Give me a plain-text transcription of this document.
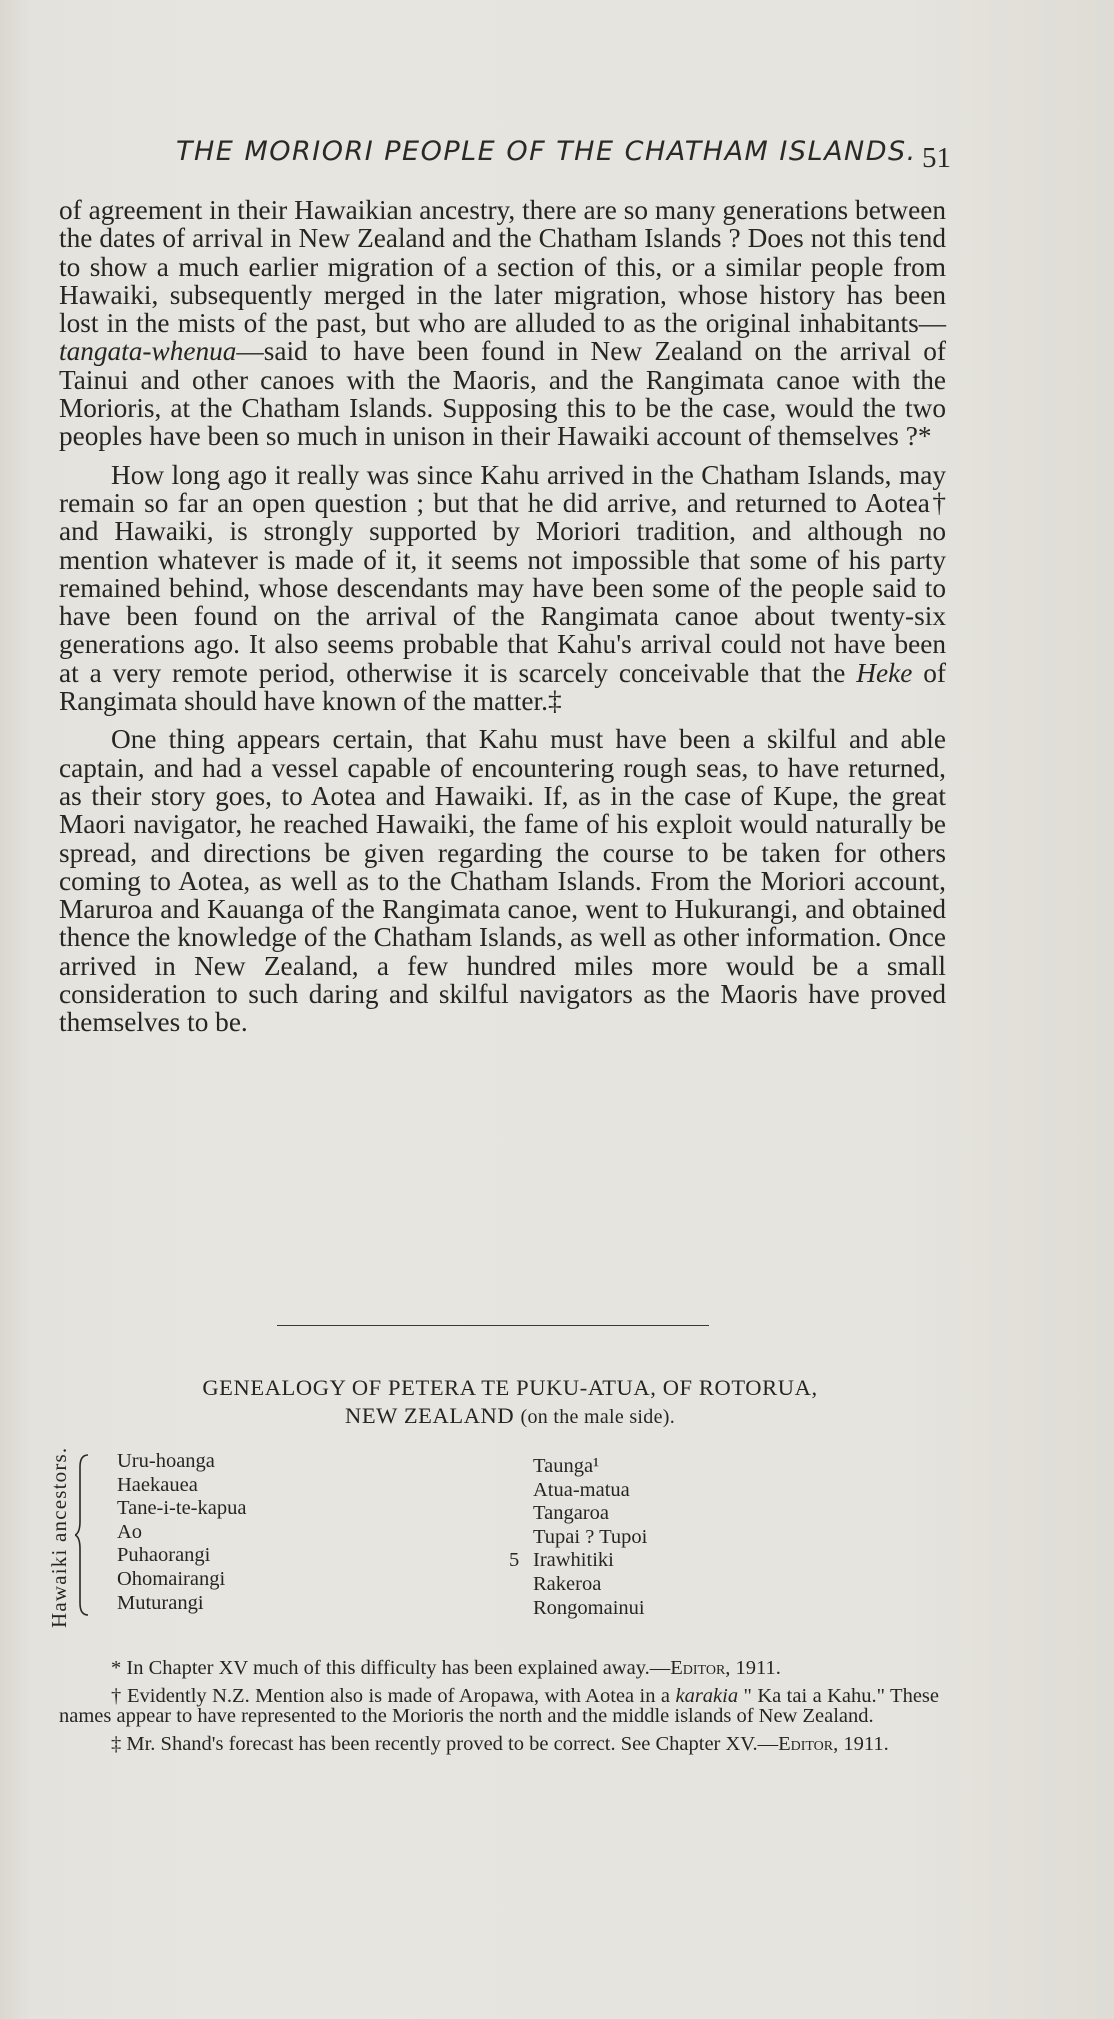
THE MORIORI PEOPLE OF THE CHATHAM ISLANDS. 51

of agreement in their Hawaikian ancestry, there are so many generations between the dates of arrival in New Zealand and the Chatham Islands ? Does not this tend to show a much earlier migration of a section of this, or a similar people from Hawaiki, subsequently merged in the later migration, whose history has been lost in the mists of the past, but who are alluded to as the original inhabitants—tangata-whenua—said to have been found in New Zealand on the arrival of Tainui and other canoes with the Maoris, and the Rangimata canoe with the Morioris, at the Chatham Islands. Supposing this to be the case, would the two peoples have been so much in unison in their Hawaiki account of themselves ?*

How long ago it really was since Kahu arrived in the Chatham Islands, may remain so far an open question ; but that he did arrive, and returned to Aotea† and Hawaiki, is strongly supported by Moriori tradition, and although no mention whatever is made of it, it seems not impossible that some of his party remained behind, whose descendants may have been some of the people said to have been found on the arrival of the Rangimata canoe about twenty-six generations ago. It also seems probable that Kahu's arrival could not have been at a very remote period, otherwise it is scarcely conceivable that the Heke of Rangimata should have known of the matter.‡

One thing appears certain, that Kahu must have been a skilful and able captain, and had a vessel capable of encountering rough seas, to have returned, as their story goes, to Aotea and Hawaiki. If, as in the case of Kupe, the great Maori navigator, he reached Hawaiki, the fame of his exploit would naturally be spread, and directions be given regarding the course to be taken for others coming to Aotea, as well as to the Chatham Islands. From the Moriori account, Maruroa and Kauanga of the Rangimata canoe, went to Hukurangi, and obtained thence the knowledge of the Chatham Islands, as well as other information. Once arrived in New Zealand, a few hundred miles more would be a small consideration to such daring and skilful navigators as the Maoris have proved themselves to be.

GENEALOGY OF PETERA TE PUKU-ATUA, OF ROTORUA,
NEW ZEALAND (on the male side).
Hawaiki ancestors. Uru-hoanga
Haekauea
Tane-i-te-kapua
Ao
Puhaorangi
Ohomairangi
Muturangi
Taunga¹
Atua-matua
Tangaroa
Tupai ? Tupoi
Irawhitiki
5
Rakeroa
Rongomainui

* In Chapter XV much of this difficulty has been explained away.—Editor, 1911.

† Evidently N.Z. Mention also is made of Aropawa, with Aotea in a karakia " Ka tai a Kahu." These names appear to have represented to the Morioris the north and the middle islands of New Zealand.

‡ Mr. Shand's forecast has been recently proved to be correct. See Chapter XV.—Editor, 1911.
